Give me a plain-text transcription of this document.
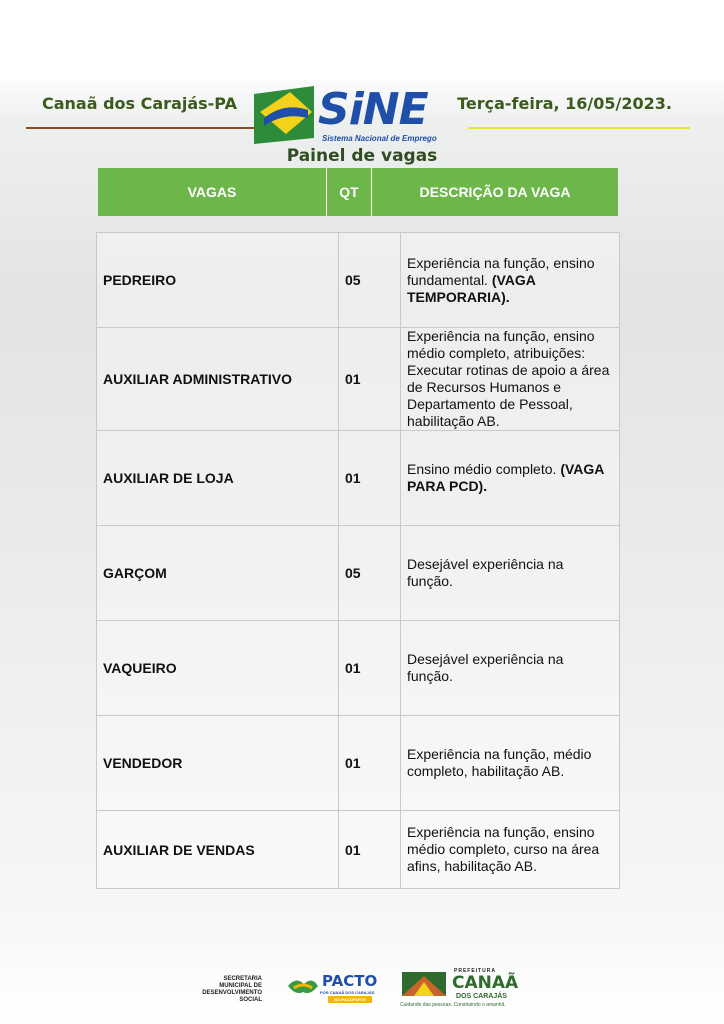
Canaã dos Carajás-PA	Terça-feira, 16/05/2023.
SiNE
Sistema Nacional de Emprego
Painel de vagas
VAGAS	QT	DESCRIÇÃO DA VAGA
PEDREIRO	05	Experiência na função, ensino fundamental. (VAGA TEMPORARIA).
AUXILIAR ADMINISTRATIVO	01	Experiência na função, ensino médio completo, atribuições: Executar rotinas de apoio a área de Recursos Humanos e Departamento de Pessoal, habilitação AB.
AUXILIAR DE LOJA	01	Ensino médio completo. (VAGA PARA PCD).
GARÇOM	05	Desejável experiência na função.
VAQUEIRO	01	Desejável experiência na função.
VENDEDOR	01	Experiência na função, médio completo, habilitação AB.
AUXILIAR DE VENDAS	01	Experiência na função, ensino médio completo, curso na área afins, habilitação AB.
SECRETARIA
MUNICIPAL DE
DESENVOLVIMENTO
SOCIAL
PACTO
POR CANAÃ DOS CARAJÁS
#EUFAÇOPARTE
PREFEITURA
CANAÃ
DOS CARAJÁS
Cuidando das pessoas. Construindo o amanhã.
